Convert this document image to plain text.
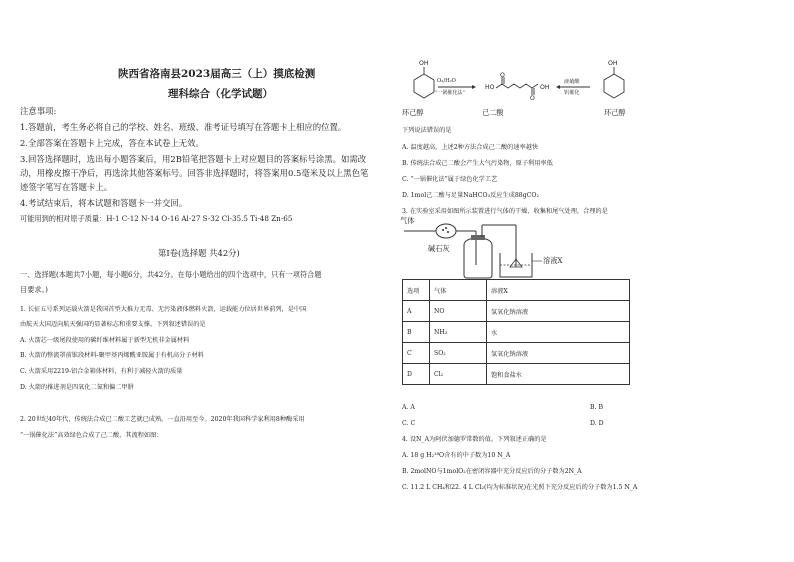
陕西省洛南县2023届高三（上）摸底检测
理科综合（化学试题）
注意事项:
1.答题前，考生务必将自己的学校、姓名、班级、准考证号填写在答题卡上相应的位置。
2.全部答案在答题卡上完成，答在本试卷上无效。
3.回答选择题时，选出每小题答案后，用2B铅笔把答题卡上对应题目的答案标号涂黑。如需改
动，用橡皮擦干净后，再选涂其他答案标号。回答非选择题时，将答案用0.5毫米及以上黑色笔
迹签字笔写在答题卡上。
4.考试结束后，将本试题和答题卡一并交回。
可能用到的相对原子质量：H-1 C-12 N-14 O-16 Al-27 S-32 Cl-35.5 Ti-48 Zn-65
第Ⅰ卷(选择题 共42分)
一、选择题(本题共7小题，每小题6分，共42分。在每小题给出的四个选项中，只有一项符合题
目要求。)
1. 长征五号系列运载火箭是我国首型大推力无毒、无污染液体燃料火箭，运载能力位居世界前列，是中国
由航天大国迈向航天强国的显著标志和重要支撑。下列叙述错误的是
A. 火箭芯一级尾段使用的碳纤维材料属于新型无机非金属材料
B. 火箭的整流罩前锥段材料-聚甲基丙烯酰亚胺属于有机高分子材料
C. 火箭采用2219-铝合金箱体材料，有利于减轻火箭的质量
D. 火箭的推进剂是四氧化二氮和偏二甲肼
2. 20世纪40年代，传统法合成已二酸工艺就已成熟。一直沿用至今。2020年我国科学家利用8种酶采用
“一锅催化法”高效绿色合成了己二酸，其流程如图：
OH
O₂/H₂O
“一锅催化法”
HO
O
O
OH
液硝酸
钒催化
OH
环己醇	己二酸	环己醇
下列说法错误的是
A. 温度越高，上述2种方法合成己二酸的速率越快
B. 传统法合成己二酸会产生大气污染物，原子利用率低
C. “一锅催化法”属于绿色化学工艺
D. 1mol己二酸与足量NaHCO₃反应生成88gCO₂
3. 在实验室采用如图所示装置进行气体的干燥、收集和尾气处理，合理的是
气体
碱石灰
溶液X
选项	气体	溶液X
A	NO	氢氧化钠溶液
B	NH₃	水
C	SO₂	氢氧化钠溶液
D	Cl₂	饱和食盐水
A. A	B. B
C. C	D. D
4. 设N_A为阿伏加德罗常数的值。下列叙述正确的是
A. 18 g H₂¹⁸O含有的中子数为10 N_A
B. 2molNO与1molO₂在密闭容器中充分反应后的分子数为2N_A
C. 11.2 L CH₄和22. 4 L Cl₂(均为标准状况)在光照下充分反应后的分子数为1.5 N_A
